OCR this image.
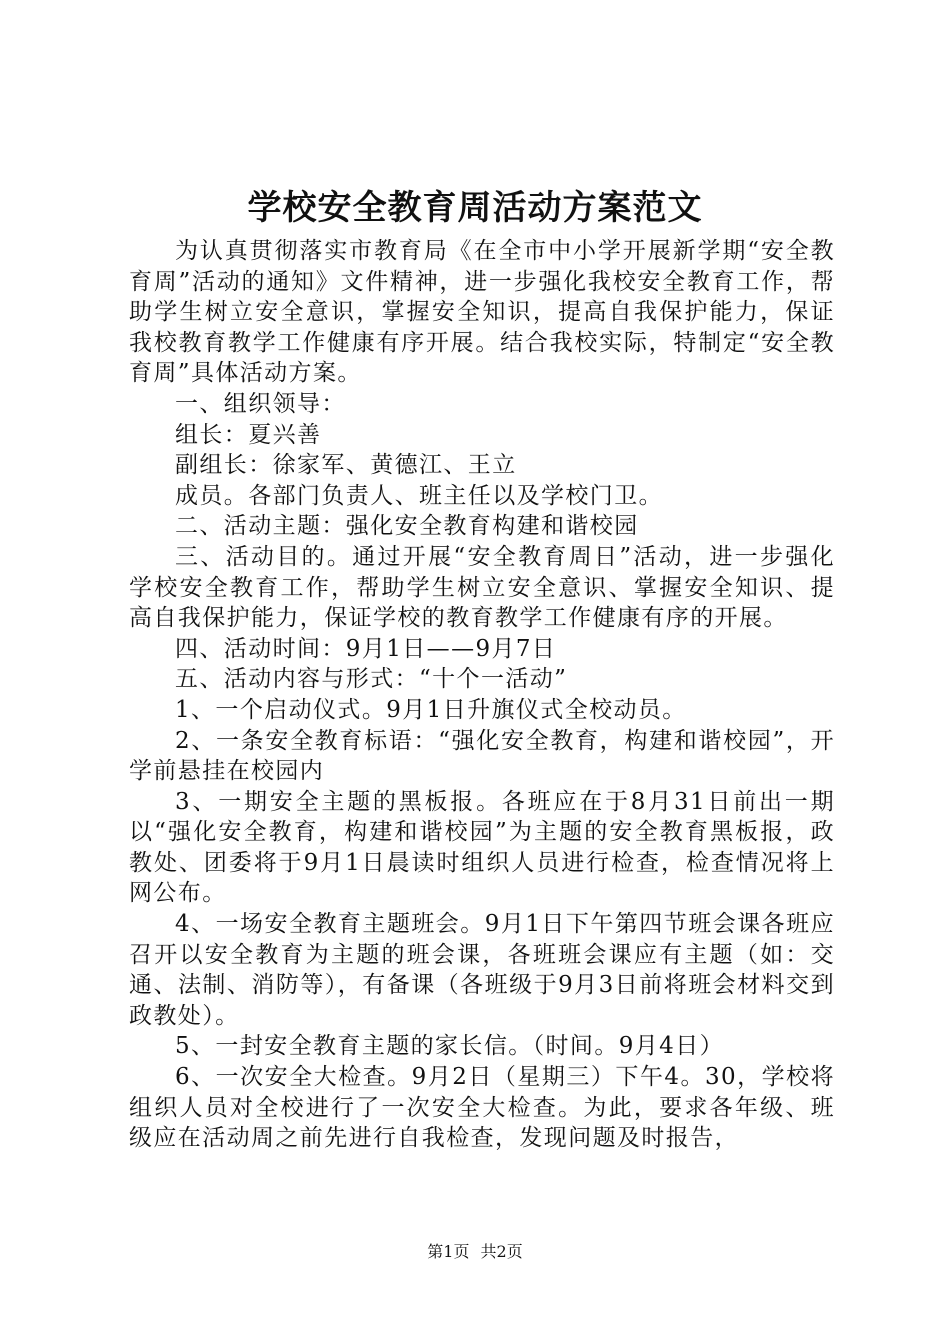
学校安全教育周活动方案范文

为认真贯彻落实市教育局《在全市中小学开展新学期“安全教育周”活动的通知》文件精神，进一步强化我校安全教育工作，帮助学生树立安全意识，掌握安全知识，提高自我保护能力，保证我校教育教学工作健康有序开展。结合我校实际，特制定“安全教育周”具体活动方案。

一、组织领导：

组长：夏兴善

副组长：徐家军、黄德江、王立

成员。各部门负责人、班主任以及学校门卫。

二、活动主题：强化安全教育构建和谐校园

三、活动目的。通过开展“安全教育周日”活动，进一步强化学校安全教育工作，帮助学生树立安全意识、掌握安全知识、提高自我保护能力，保证学校的教育教学工作健康有序的开展。

四、活动时间：9月1日——9月7日

五、活动内容与形式：“十个一活动”

1、一个启动仪式。9月1日升旗仪式全校动员。

2、一条安全教育标语：“强化安全教育，构建和谐校园”，开学前悬挂在校园内

3、一期安全主题的黑板报。各班应在于8月31日前出一期以“强化安全教育，构建和谐校园”为主题的安全教育黑板报，政教处、团委将于9月1日晨读时组织人员进行检查，检查情况将上网公布。

4、一场安全教育主题班会。9月1日下午第四节班会课各班应召开以安全教育为主题的班会课，各班班会课应有主题（如：交通、法制、消防等），有备课（各班级于9月3日前将班会材料交到政教处）。

5、一封安全教育主题的家长信。（时间。9月4日）

6、一次安全大检查。9月2日（星期三）下午4。30，学校将组织人员对全校进行了一次安全大检查。为此，要求各年级、班级应在活动周之前先进行自我检查，发现问题及时报告，

第1页 共2页
